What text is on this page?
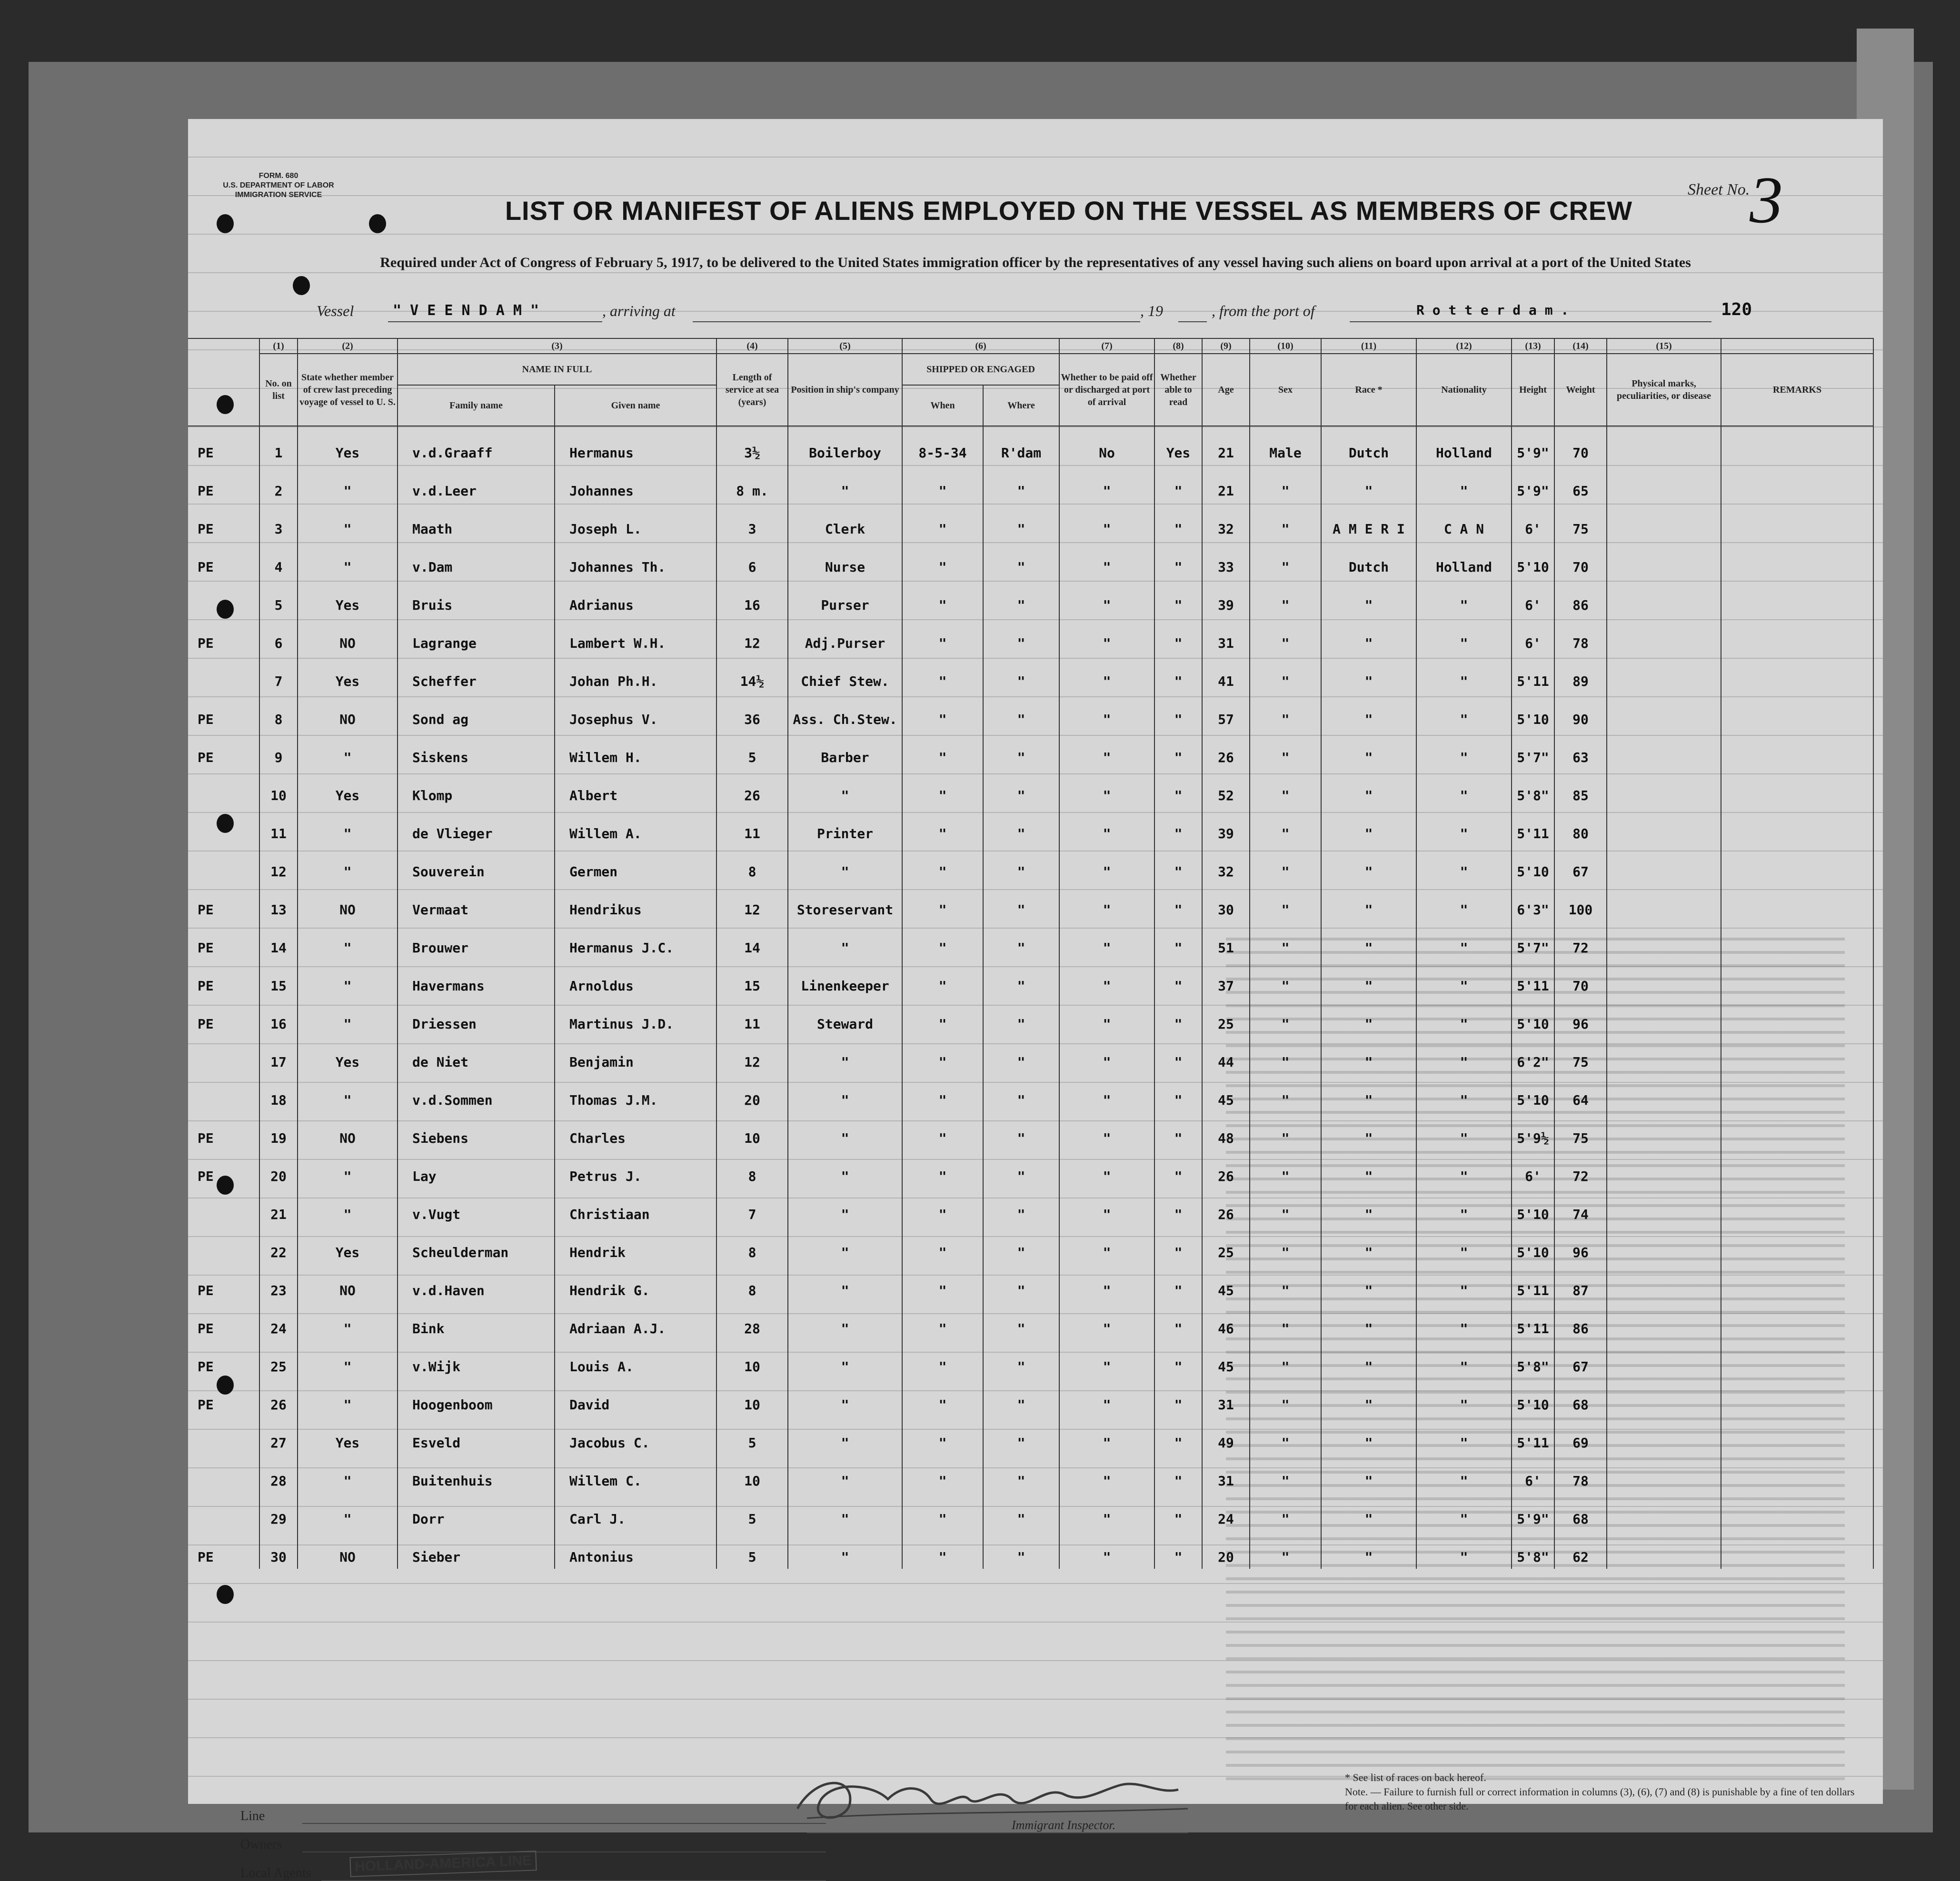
FORM. 680
U.S. DEPARTMENT OF LABOR
IMMIGRATION SERVICE
LIST OR MANIFEST OF ALIENS EMPLOYED ON THE VESSEL AS MEMBERS OF CREW
Sheet No. 3
Required under Act of Congress of February 5, 1917, to be delivered to the United States immigration officer by the representatives of any vessel having such aliens on board upon arrival at a port of the United States
Vessel	" V E E N D A M "	, arriving at	, 19	, from the port of	R o t t e r d a m .	120
	(1)	(2)	(3)		(4)	(5)	(6)		(7)	(8)	(9)	(10)	(11)	(12)	(13)	(14)	(15)	
	No. on list	State whether member of crew last preceding voyage of vessel to U. S.	NAME IN FULL		Length of service at sea (years)	Position in ship's company	SHIPPED OR ENGAGED		Whether to be paid off or discharged at port of arrival	Whether able to read	Age	Sex	Race *	Nationality	Height	Weight	Physical marks, peculiarities, or disease	REMARKS
			Family name	Given name			When	Where										
PE	1	Yes	v.d.Graaff	Hermanus	3½	Boilerboy	8-5-34	R'dam	No	Yes	21	Male	Dutch	Holland	5'9"	70		
PE	2	"	v.d.Leer	Johannes	8 m.	"	"	"	"	"	21	"	"	"	5'9"	65		
PE	3	"	Maath	Joseph L.	3	Clerk	"	"	"	"	32	"	A M E R I	C A N	6'	75		
PE	4	"	v.Dam	Johannes Th.	6	Nurse	"	"	"	"	33	"	Dutch	Holland	5'10	70		
	5	Yes	Bruis	Adrianus	16	Purser	"	"	"	"	39	"	"	"	6'	86		
PE	6	NO	Lagrange	Lambert W.H.	12	Adj.Purser	"	"	"	"	31	"	"	"	6'	78		
	7	Yes	Scheffer	Johan Ph.H.	14½	Chief Stew.	"	"	"	"	41	"	"	"	5'11	89		
PE	8	NO	Sond ag	Josephus V.	36	Ass. Ch.Stew.	"	"	"	"	57	"	"	"	5'10	90		
PE	9	"	Siskens	Willem H.	5	Barber	"	"	"	"	26	"	"	"	5'7"	63		
	10	Yes	Klomp	Albert	26	"	"	"	"	"	52	"	"	"	5'8"	85		
	11	"	de Vlieger	Willem A.	11	Printer	"	"	"	"	39	"	"	"	5'11	80		
	12	"	Souverein	Germen	8	"	"	"	"	"	32	"	"	"	5'10	67		
PE	13	NO	Vermaat	Hendrikus	12	Storeservant	"	"	"	"	30	"	"	"	6'3"	100		
PE	14	"	Brouwer	Hermanus J.C.	14	"	"	"	"	"	51	"	"	"	5'7"	72		
PE	15	"	Havermans	Arnoldus	15	Linenkeeper	"	"	"	"	37	"	"	"	5'11	70		
PE	16	"	Driessen	Martinus J.D.	11	Steward	"	"	"	"	25	"	"	"	5'10	96		
	17	Yes	de Niet	Benjamin	12	"	"	"	"	"	44	"	"	"	6'2"	75		
	18	"	v.d.Sommen	Thomas J.M.	20	"	"	"	"	"	45	"	"	"	5'10	64		
PE	19	NO	Siebens	Charles	10	"	"	"	"	"	48	"	"	"	5'9½	75		
PE	20	"	Lay	Petrus J.	8	"	"	"	"	"	26	"	"	"	6'	72		
	21	"	v.Vugt	Christiaan	7	"	"	"	"	"	26	"	"	"	5'10	74		
	22	Yes	Scheulderman	Hendrik	8	"	"	"	"	"	25	"	"	"	5'10	96		
PE	23	NO	v.d.Haven	Hendrik G.	8	"	"	"	"	"	45	"	"	"	5'11	87		
PE	24	"	Bink	Adriaan A.J.	28	"	"	"	"	"	46	"	"	"	5'11	86		
PE	25	"	v.Wijk	Louis A.	10	"	"	"	"	"	45	"	"	"	5'8"	67		
PE	26	"	Hoogenboom	David	10	"	"	"	"	"	31	"	"	"	5'10	68		
	27	Yes	Esveld	Jacobus C.	5	"	"	"	"	"	49	"	"	"	5'11	69		
	28	"	Buitenhuis	Willem C.	10	"	"	"	"	"	31	"	"	"	6'	78		
	29	"	Dorr	Carl J.	5	"	"	"	"	"	24	"	"	"	5'9"	68		
PE	30	NO	Sieber	Antonius	5	"	"	"	"	"	20	"	"	"	5'8"	62		
Line
Owners
Local Agents	HOLLAND-AMERICA LINE
Immigrant Inspector.
* See list of races on back hereof.
Note. — Failure to furnish full or correct information in columns (3), (6), (7) and (8) is punishable by a fine of ten dollars for each alien. See other side.
